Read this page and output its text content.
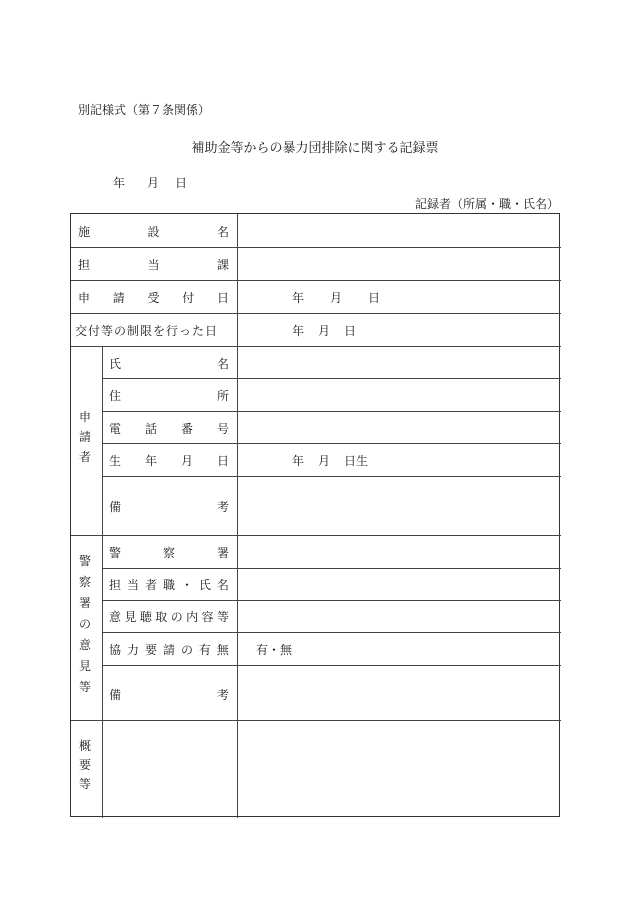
別記様式（第７条関係）
補助金等からの暴力団排除に関する記録票
年 月 日
記録者（所属・職・氏名）
施	設	名
担	当	課
申 請 受 付 日	年 月 日
交付等の制限を行った日	年 月 日
申
請
者
氏	名
住	所
電 話 番 号
生 年 月 日	年 月 日生
備	考
警
察
署
の
意
見
等
警	察	署
担 当 者 職 ・ 氏 名
意 見 聴 取 の 内 容 等
協 力 要 請 の 有 無 有・無
備	考
概
要
等
